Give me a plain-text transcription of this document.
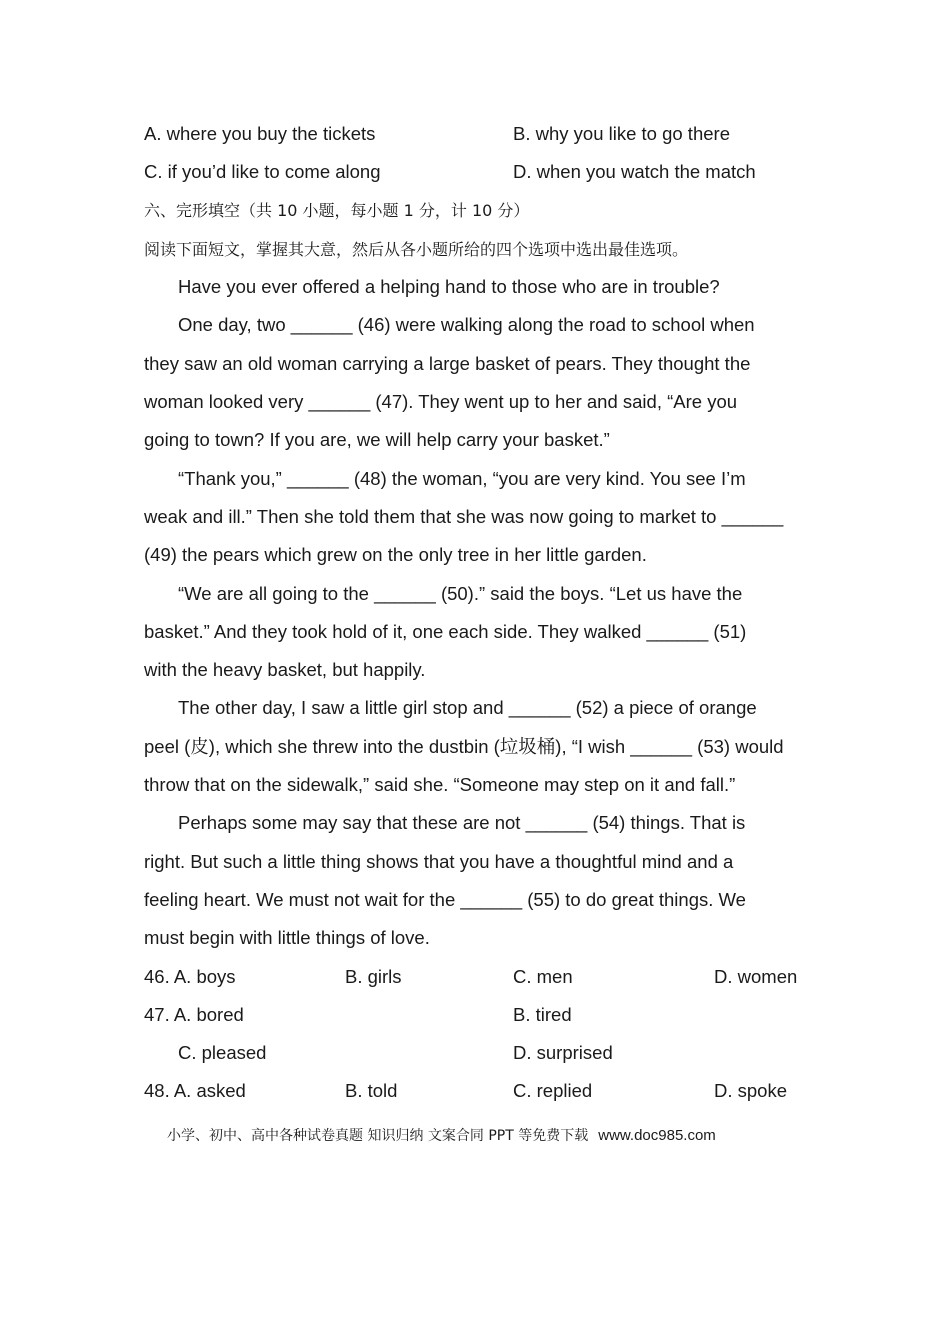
A. where you buy the tickets	B. why you like to go there
C. if you’d like to come along	D. when you watch the match
六、完形填空（共 10 小题，每小题 1 分，计 10 分）
阅读下面短文，掌握其大意，然后从各小题所给的四个选项中选出最佳选项。
Have you ever offered a helping hand to those who are in trouble?
One day, two ______ (46) were walking along the road to school when
they saw an old woman carrying a large basket of pears. They thought the
woman looked very ______ (47). They went up to her and said, “Are you
going to town? If you are, we will help carry your basket.”
“Thank you,” ______ (48) the woman, “you are very kind. You see I’m
weak and ill.” Then she told them that she was now going to market to ______
(49) the pears which grew on the only tree in her little garden.
“We are all going to the ______ (50).” said the boys. “Let us have the
basket.” And they took hold of it, one each side. They walked ______ (51)
with the heavy basket, but happily.
The other day, I saw a little girl stop and ______ (52) a piece of orange
peel (皮), which she threw into the dustbin (垃圾桶), “I wish ______ (53) would
throw that on the sidewalk,” said she. “Someone may step on it and fall.”
Perhaps some may say that these are not ______ (54) things. That is
right. But such a little thing shows that you have a thoughtful mind and a
feeling heart. We must not wait for the ______ (55) to do great things. We
must begin with little things of love.
46. A. boys	B. girls	C. men	D. women
47. A. bored	B. tired
C. pleased	D. surprised
48. A. asked	B. told	C. replied	D. spoke
小学、初中、高中各种试卷真题 知识归纳 文案合同 PPT 等免费下载 www.doc985.com
